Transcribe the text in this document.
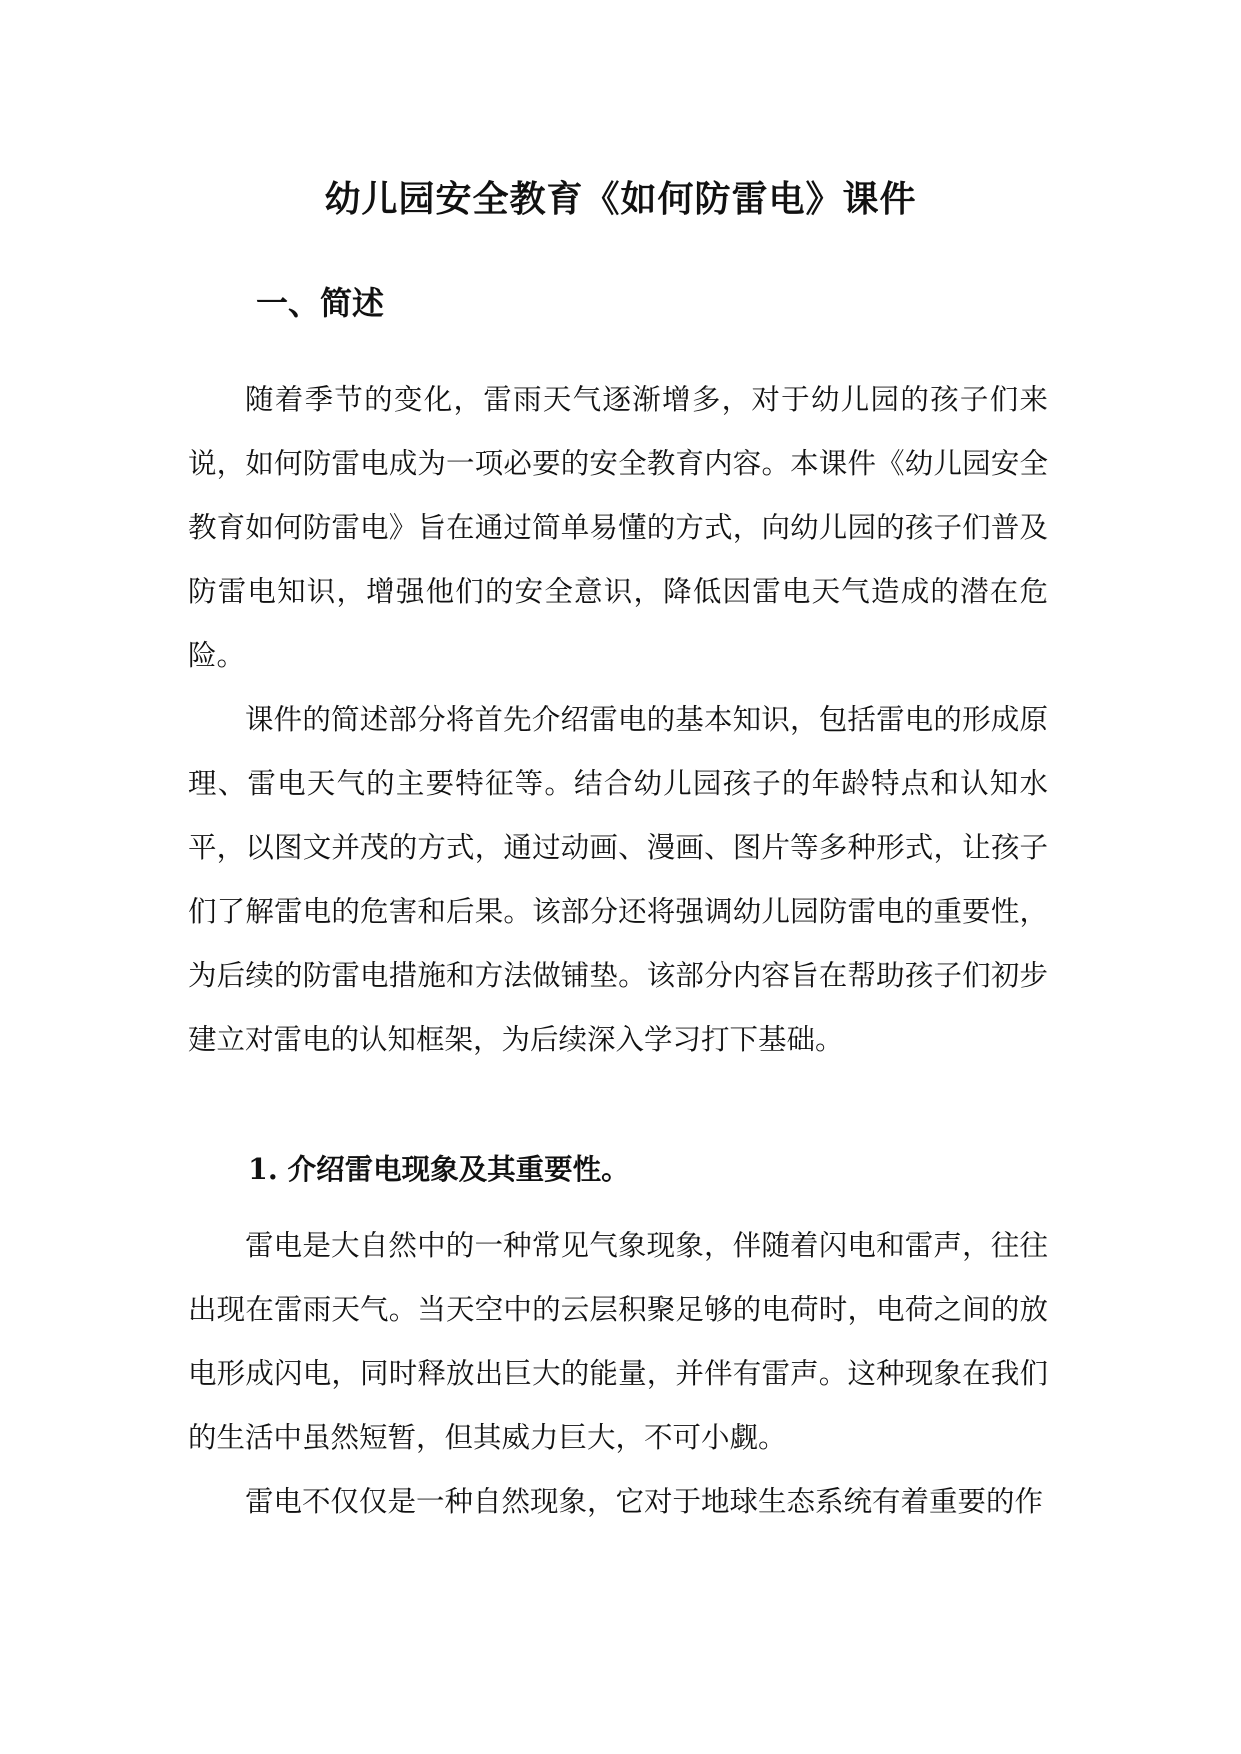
幼儿园安全教育《如何防雷电》课件
一、简述

随着季节的变化，雷雨天气逐渐增多，对于幼儿园的孩子们来说，如何防雷电成为一项必要的安全教育内容。本课件《幼儿园安全教育如何防雷电》旨在通过简单易懂的方式，向幼儿园的孩子们普及防雷电知识，增强他们的安全意识，降低因雷电天气造成的潜在危险。

课件的简述部分将首先介绍雷电的基本知识，包括雷电的形成原理、雷电天气的主要特征等。结合幼儿园孩子的年龄特点和认知水平，以图文并茂的方式，通过动画、漫画、图片等多种形式，让孩子们了解雷电的危害和后果。该部分还将强调幼儿园防雷电的重要性，为后续的防雷电措施和方法做铺垫。该部分内容旨在帮助孩子们初步建立对雷电的认知框架，为后续深入学习打下基础。

1. 介绍雷电现象及其重要性。

雷电是大自然中的一种常见气象现象，伴随着闪电和雷声，往往出现在雷雨天气。当天空中的云层积聚足够的电荷时，电荷之间的放电形成闪电，同时释放出巨大的能量，并伴有雷声。这种现象在我们的生活中虽然短暂，但其威力巨大，不可小觑。

雷电不仅仅是一种自然现象，它对于地球生态系统有着重要的作
